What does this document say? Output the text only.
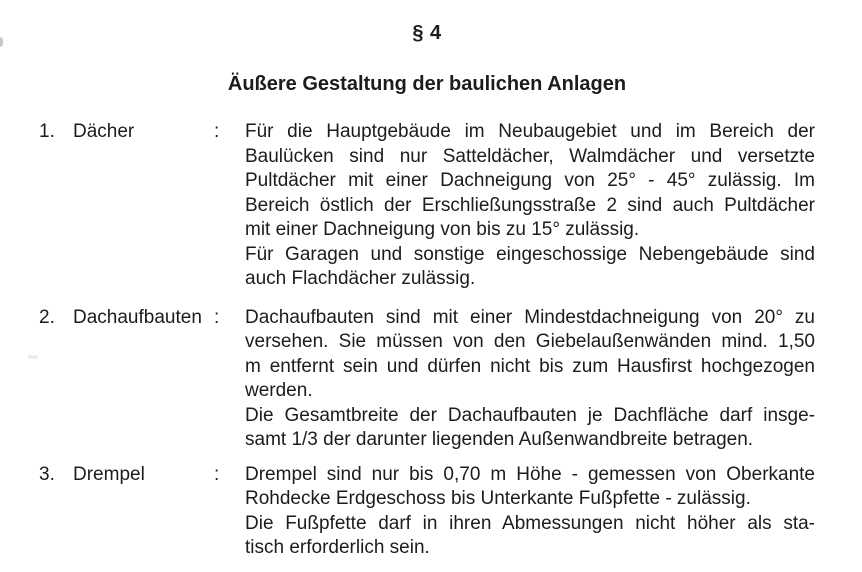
§ 4
Äußere Gestaltung der baulichen Anlagen
1. Dächer	:	Für die Hauptgebäude im Neubaugebiet und im Bereich der
Baulücken sind nur Satteldächer, Walmdächer und versetzte
Pultdächer mit einer Dachneigung von 25° - 45° zulässig. Im
Bereich östlich der Erschließungsstraße 2 sind auch Pultdächer
mit einer Dachneigung von bis zu 15° zulässig.
Für Garagen und sonstige eingeschossige Nebengebäude sind
auch Flachdächer zulässig.
2. Dachaufbauten :	Dachaufbauten sind mit einer Mindestdachneigung von 20° zu
versehen. Sie müssen von den Giebelaußenwänden mind. 1,50
m entfernt sein und dürfen nicht bis zum Hausfirst hochgezogen
werden.
Die Gesamtbreite der Dachaufbauten je Dachfläche darf insge-
samt 1/3 der darunter liegenden Außenwandbreite betragen.
3. Drempel	:	Drempel sind nur bis 0,70 m Höhe - gemessen von Oberkante
Rohdecke Erdgeschoss bis Unterkante Fußpfette - zulässig.
Die Fußpfette darf in ihren Abmessungen nicht höher als sta-
tisch erforderlich sein.
